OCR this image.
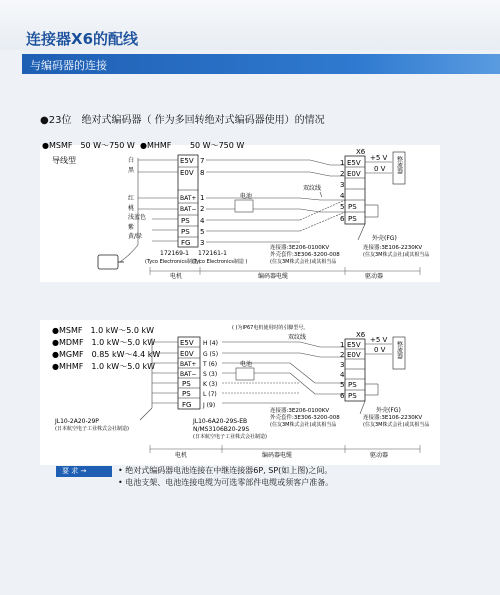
连接器X6的配线
与编码器的连接
●23位　绝对式编码器（ 作为多回转绝对式编码器使用）的情况
●MSMF　50 W～750 W ●MHMF　　 50 W～750 W
导线型	E5V
E0V
BAT+
BAT−
PS
PS
FG
白
黑
红
桃
浅蓝色
紫
黄/绿
7
8
1
2
4
5
3
电池
双纹线
172169-1
(Tyco Electronics制造 )
172161-1
(Tyco Electronics制造 )
X6
E5V
E0V
PS
PS
1
2
3
4
5
6
+5 V
0 V 整流器
外壳(FG)
连接器:3E206-0100KV
外壳套件:3E306-3200-008
(住友3M株式会社)或其相当品
连接器:3E106-2230KV
(住友3M株式会社)或其相当品
电机	编码器电缆	驱动器
●MSMF　1.0 kW～5.0 kW
●MDMF　1.0 kW～5.0 kW
●MGMF　0.85 kW～4.4 kW
●MHMF　1.0 kW～5.0 kW
( )为IP67电机使用时的引脚型号。
双纹线
E5V
E0V
BAT+
BAT−
PS
PS
FG
H (4)
G (5)
T (6)
S (3)
K (3)
L (7)
J (9)
电池
X6
E5V
E0V
PS
PS
1
2
3
4
5
6
+5 V
0 V 整流器
外壳(FG)
JL10-2A20-29P
(日本航空电子工业株式会社制造)
JL10-6A20-29S-EB
N/MS3106B20-29S
(日本航空电子工业株式会社制造)
连接器:3E206-0100KV
外壳套件:3E306-3200-008
(住友3M株式会社)或其相当品
连接器:3E106-2230KV
(住友3M株式会社)或其相当品
电机	编码器电缆	驱动器
要 求 →	• 绝对式编码器电池连接在中继连接器6P, SP(如上图)之间。
• 电池支架、电池连接电缆为可选零部件电缆或须客户准备。
